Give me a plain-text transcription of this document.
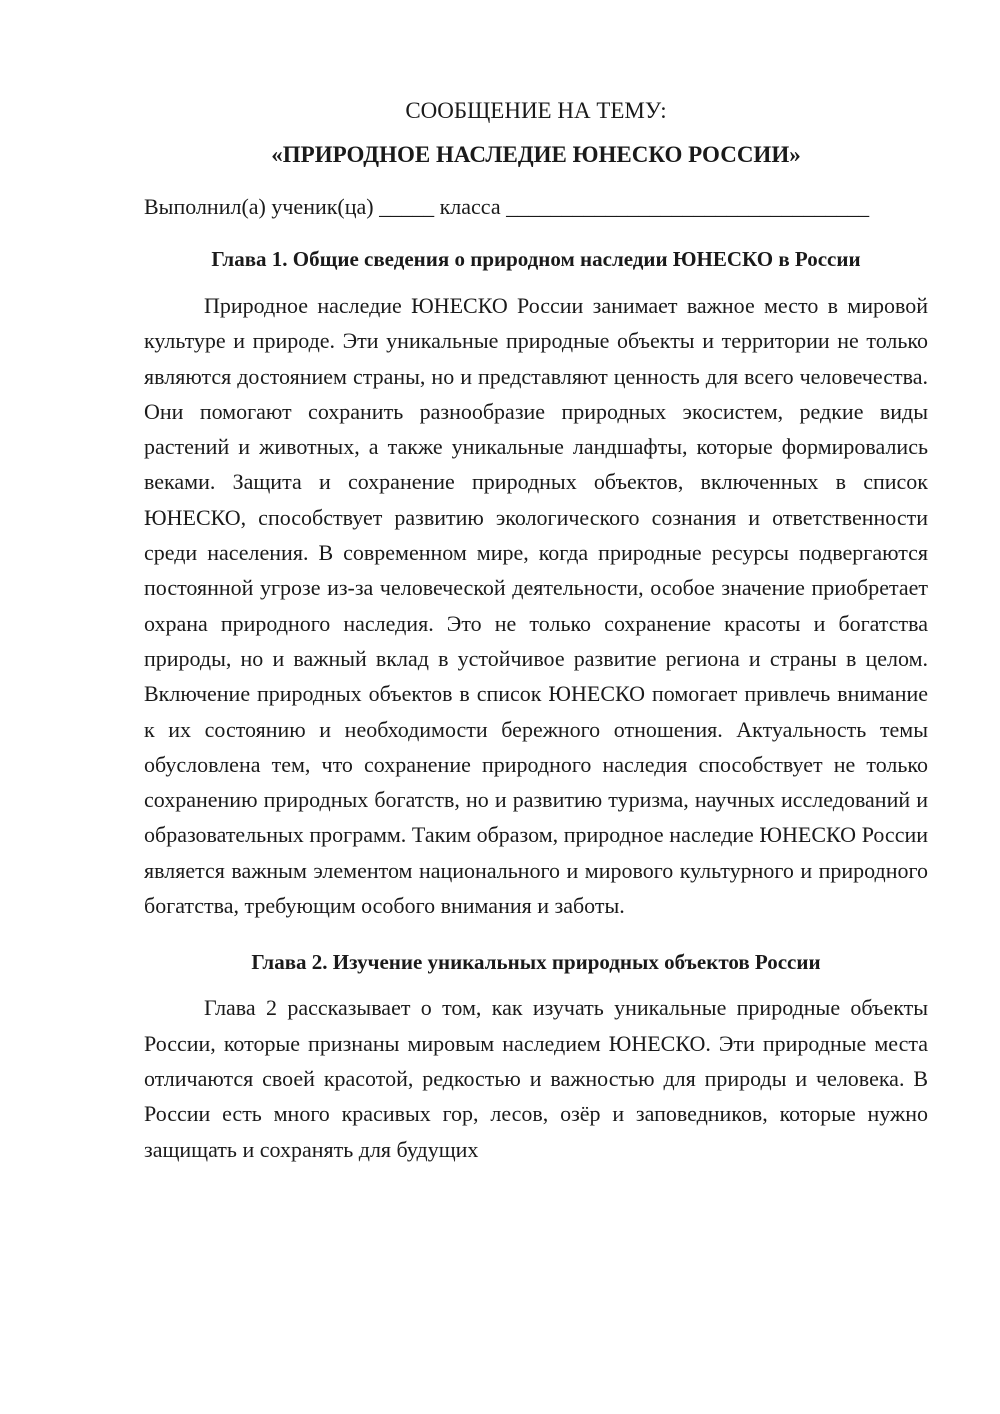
СООБЩЕНИЕ НА ТЕМУ:

«ПРИРОДНОЕ НАСЛЕДИЕ ЮНЕСКО РОССИИ»

Выполнил(а) ученик(ца) _____ класса _________________________________
Глава 1. Общие сведения о природном наследии ЮНЕСКО в России

Природное наследие ЮНЕСКО России занимает важное место в мировой культуре и природе. Эти уникальные природные объекты и территории не только являются достоянием страны, но и представляют ценность для всего человечества. Они помогают сохранить разнообразие природных экосистем, редкие виды растений и животных, а также уникальные ландшафты, которые формировались веками. Защита и сохранение природных объектов, включенных в список ЮНЕСКО, способствует развитию экологического сознания и ответственности среди населения. В современном мире, когда природные ресурсы подвергаются постоянной угрозе из-за человеческой деятельности, особое значение приобретает охрана природного наследия. Это не только сохранение красоты и богатства природы, но и важный вклад в устойчивое развитие региона и страны в целом. Включение природных объектов в список ЮНЕСКО помогает привлечь внимание к их состоянию и необходимости бережного отношения. Актуальность темы обусловлена тем, что сохранение природного наследия способствует не только сохранению природных богатств, но и развитию туризма, научных исследований и образовательных программ. Таким образом, природное наследие ЮНЕСКО России является важным элементом национального и мирового культурного и природного богатства, требующим особого внимания и заботы.

Глава 2. Изучение уникальных природных объектов России

Глава 2 рассказывает о том, как изучать уникальные природные объекты России, которые признаны мировым наследием ЮНЕСКО. Эти природные места отличаются своей красотой, редкостью и важностью для природы и человека. В России есть много красивых гор, лесов, озёр и заповедников, которые нужно защищать и сохранять для будущих
